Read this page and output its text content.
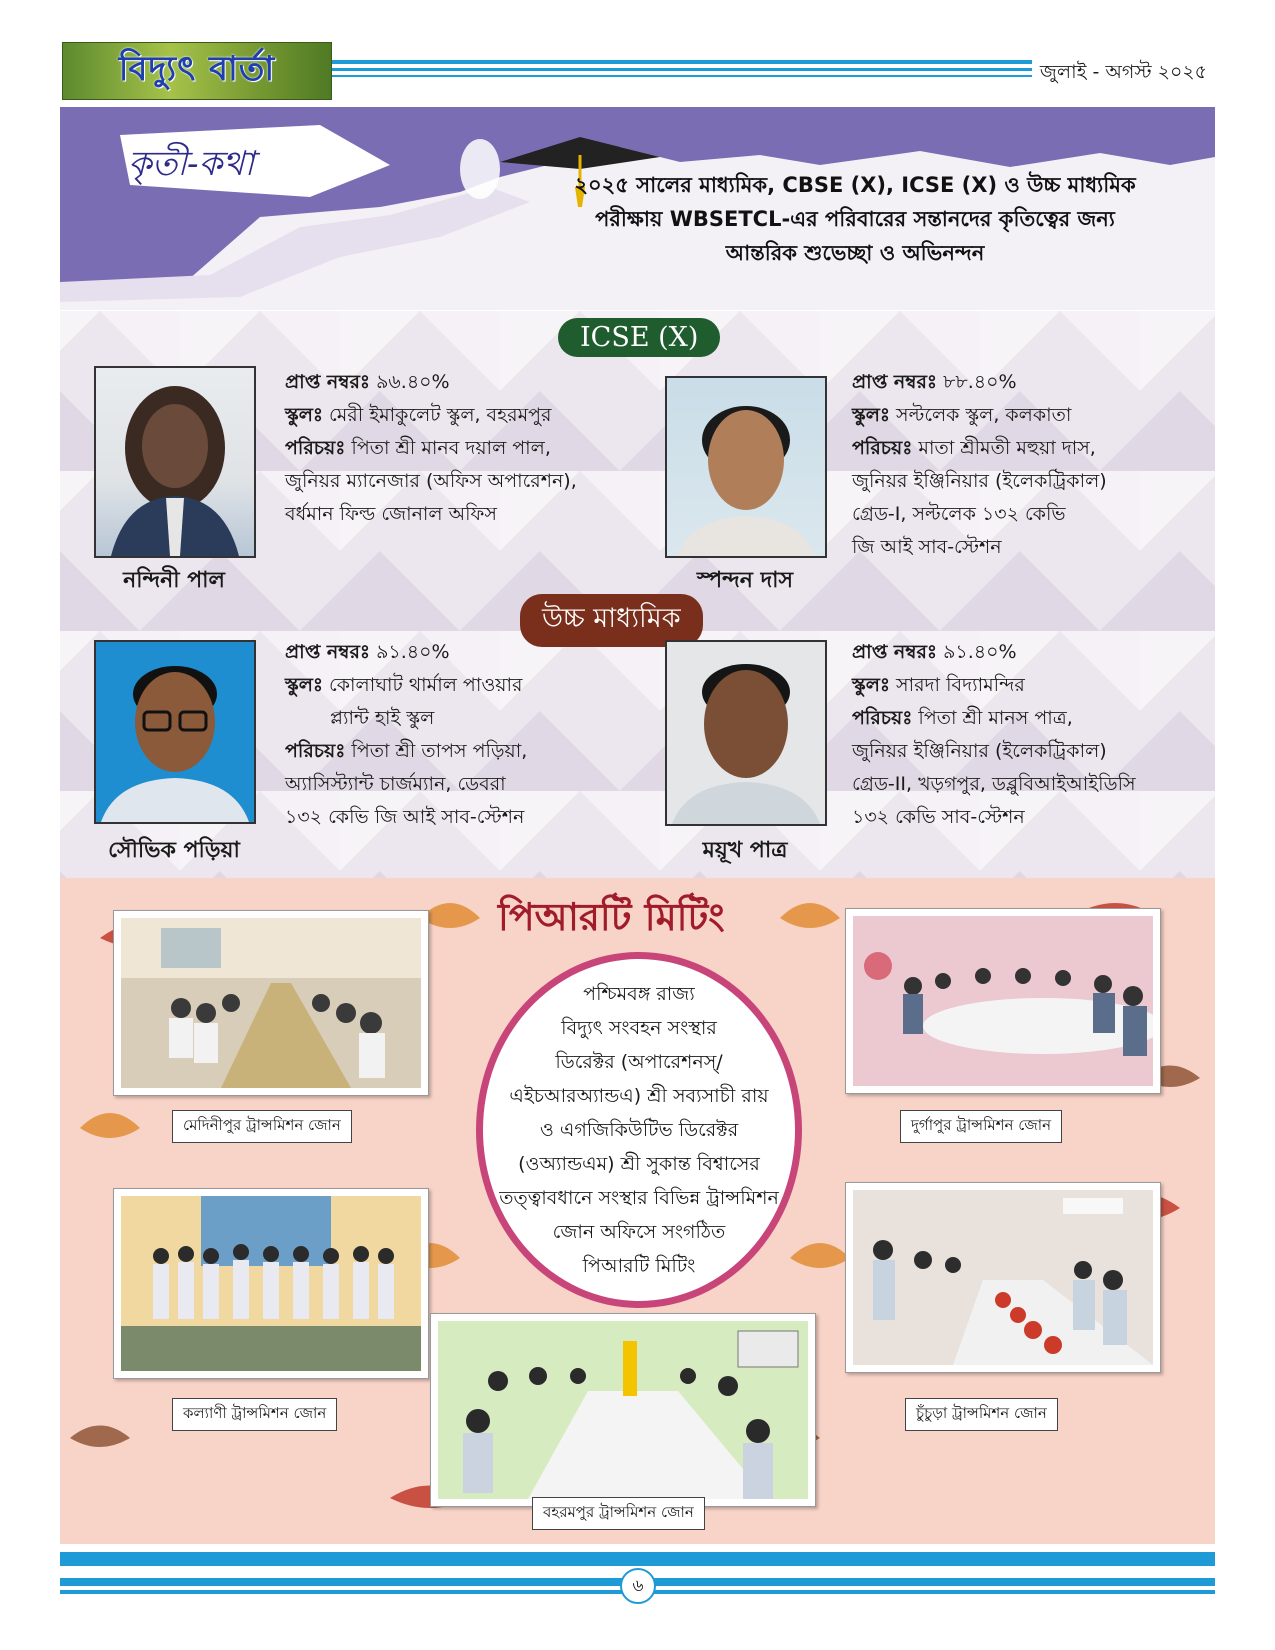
বিদ্যুৎ বার্তা	জুলাই - অগস্ট ২০২৫
কৃতী-কথা
২০২৫ সালের মাধ্যমিক, CBSE (X), ICSE (X) ও উচ্চ মাধ্যমিক
পরীক্ষায় WBSETCL-এর পরিবারের সন্তানদের কৃতিত্বের জন্য
আন্তরিক শুভেচ্ছা ও অভিনন্দন
ICSE (X)
প্রাপ্ত নম্বরঃ ৯৬.৪০%
স্কুলঃ মেরী ইমাকুলেট স্কুল, বহরমপুর
পরিচয়ঃ পিতা শ্রী মানব দয়াল পাল,
জুনিয়র ম্যানেজার (অফিস অপারেশন),
বর্ধমান ফিল্ড জোনাল অফিস
নন্দিনী পাল
প্রাপ্ত নম্বরঃ ৮৮.৪০%
স্কুলঃ সল্টলেক স্কুল, কলকাতা
পরিচয়ঃ মাতা শ্রীমতী মহুয়া দাস,
জুনিয়র ইঞ্জিনিয়ার (ইলেকট্রিকাল)
গ্রেড-I, সল্টলেক ১৩২ কেভি
জি আই সাব-স্টেশন
স্পন্দন দাস
উচ্চ মাধ্যমিক
প্রাপ্ত নম্বরঃ ৯১.৪০%
স্কুলঃ কোলাঘাট থার্মাল পাওয়ার
প্ল্যান্ট হাই স্কুল
পরিচয়ঃ পিতা শ্রী তাপস পড়িয়া,
অ্যাসিস্ট্যান্ট চার্জম্যান, ডেবরা
১৩২ কেভি জি আই সাব-স্টেশন
সৌভিক পড়িয়া
প্রাপ্ত নম্বরঃ ৯১.৪০%
স্কুলঃ সারদা বিদ্যামন্দির
পরিচয়ঃ পিতা শ্রী মানস পাত্র,
জুনিয়র ইঞ্জিনিয়ার (ইলেকট্রিকাল)
গ্রেড-II, খড়গপুর, ডব্লুবিআইআইডিসি
১৩২ কেভি সাব-স্টেশন
ময়ূখ পাত্র
পিআরটি মিটিং
পশ্চিমবঙ্গ রাজ্য
বিদ্যুৎ সংবহন সংস্থার
ডিরেক্টর (অপারেশনস্/
এইচআরঅ্যান্ডএ) শ্রী সব্যসাচী রায়
ও এগজিকিউটিভ ডিরেক্টর
(ওঅ্যান্ডএম) শ্রী সুকান্ত বিশ্বাসের
তত্ত্বাবধানে সংস্থার বিভিন্ন ট্রান্সমিশন
জোন অফিসে সংগঠিত
পিআরটি মিটিং
মেদিনীপুর ট্রান্সমিশন জোন	দুর্গাপুর ট্রান্সমিশন জোন
কল্যাণী ট্রান্সমিশন জোন	চুঁচুড়া ট্রান্সমিশন জোন
বহরমপুর ট্রান্সমিশন জোন
৬
